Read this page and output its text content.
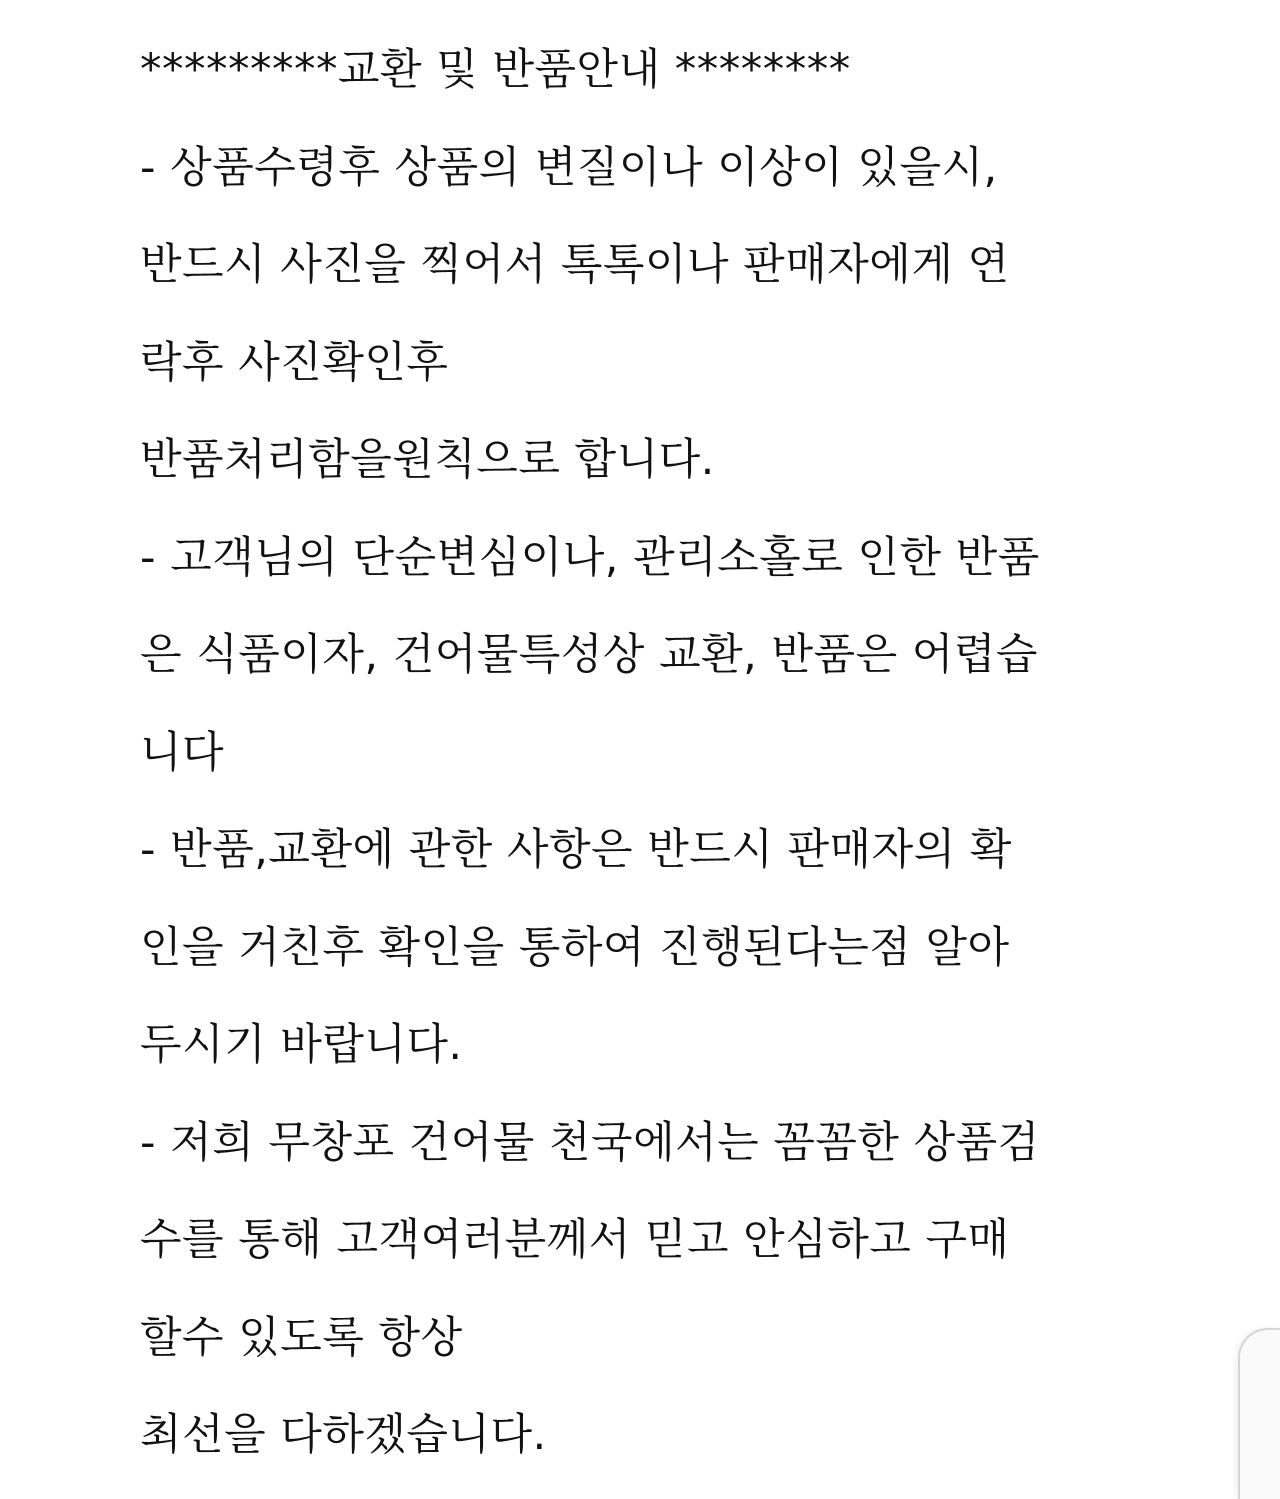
*********교환 및 반품안내 ********
- 상품수령후 상품의 변질이나 이상이 있을시,
반드시 사진을 찍어서 톡톡이나 판매자에게 연
락후 사진확인후
반품처리함을원칙으로 합니다.
- 고객님의 단순변심이나, 관리소홀로 인한 반품
은 식품이자, 건어물특성상 교환, 반품은 어렵습
니다
- 반품,교환에 관한 사항은 반드시 판매자의 확
인을 거친후 확인을 통하여 진행된다는점 알아
두시기 바랍니다.
- 저희 무창포 건어물 천국에서는 꼼꼼한 상품검
수를 통해 고객여러분께서 믿고 안심하고 구매
할수 있도록 항상
최선을 다하겠습니다.
